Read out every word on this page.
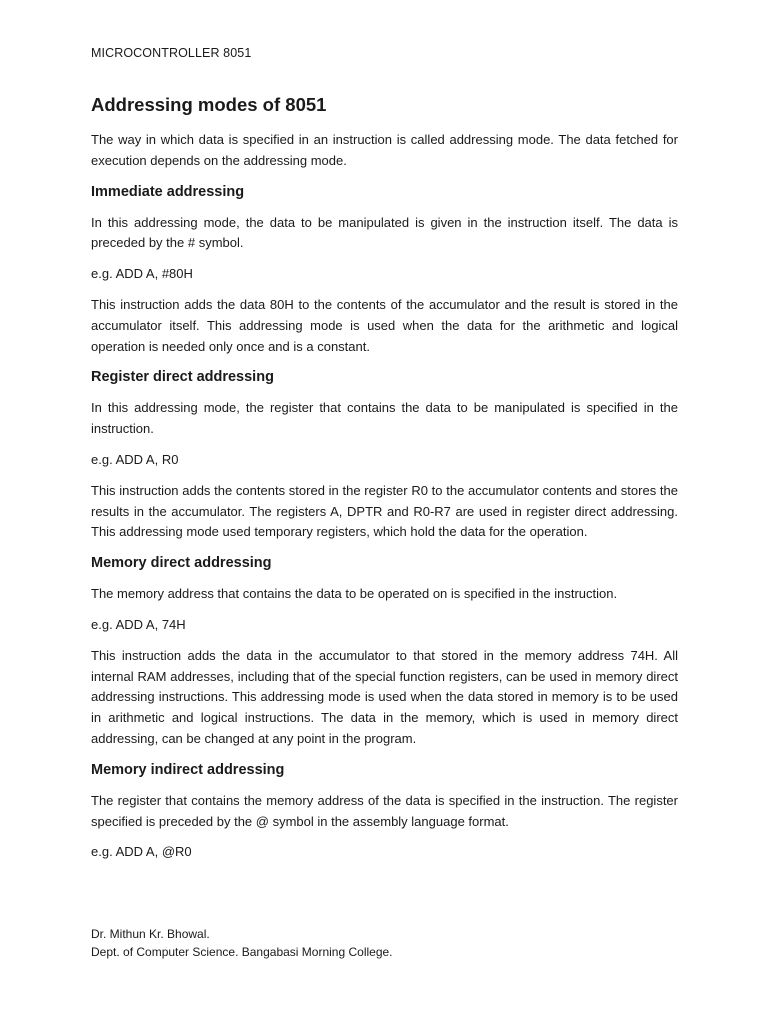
MICROCONTROLLER 8051
Addressing modes of 8051

The way in which data is specified in an instruction is called addressing mode. The data fetched for execution depends on the addressing mode.

Immediate addressing

In this addressing mode, the data to be manipulated is given in the instruction itself. The data is preceded by the # symbol.

e.g. ADD A, #80H

This instruction adds the data 80H to the contents of the accumulator and the result is stored in the accumulator itself. This addressing mode is used when the data for the arithmetic and logical operation is needed only once and is a constant.

Register direct addressing

In this addressing mode, the register that contains the data to be manipulated is specified in the instruction.

e.g. ADD A, R0

This instruction adds the contents stored in the register R0 to the accumulator contents and stores the results in the accumulator. The registers A, DPTR and R0-R7 are used in register direct addressing. This addressing mode used temporary registers, which hold the data for the operation.

Memory direct addressing

The memory address that contains the data to be operated on is specified in the instruction.

e.g. ADD A, 74H

This instruction adds the data in the accumulator to that stored in the memory address 74H. All internal RAM addresses, including that of the special function registers, can be used in memory direct addressing instructions. This addressing mode is used when the data stored in memory is to be used in arithmetic and logical instructions. The data in the memory, which is used in memory direct addressing, can be changed at any point in the program.

Memory indirect addressing

The register that contains the memory address of the data is specified in the instruction. The register specified is preceded by the @ symbol in the assembly language format.

e.g. ADD A, @R0

Dr. Mithun Kr. Bhowal.
Dept. of Computer Science. Bangabasi Morning College.
